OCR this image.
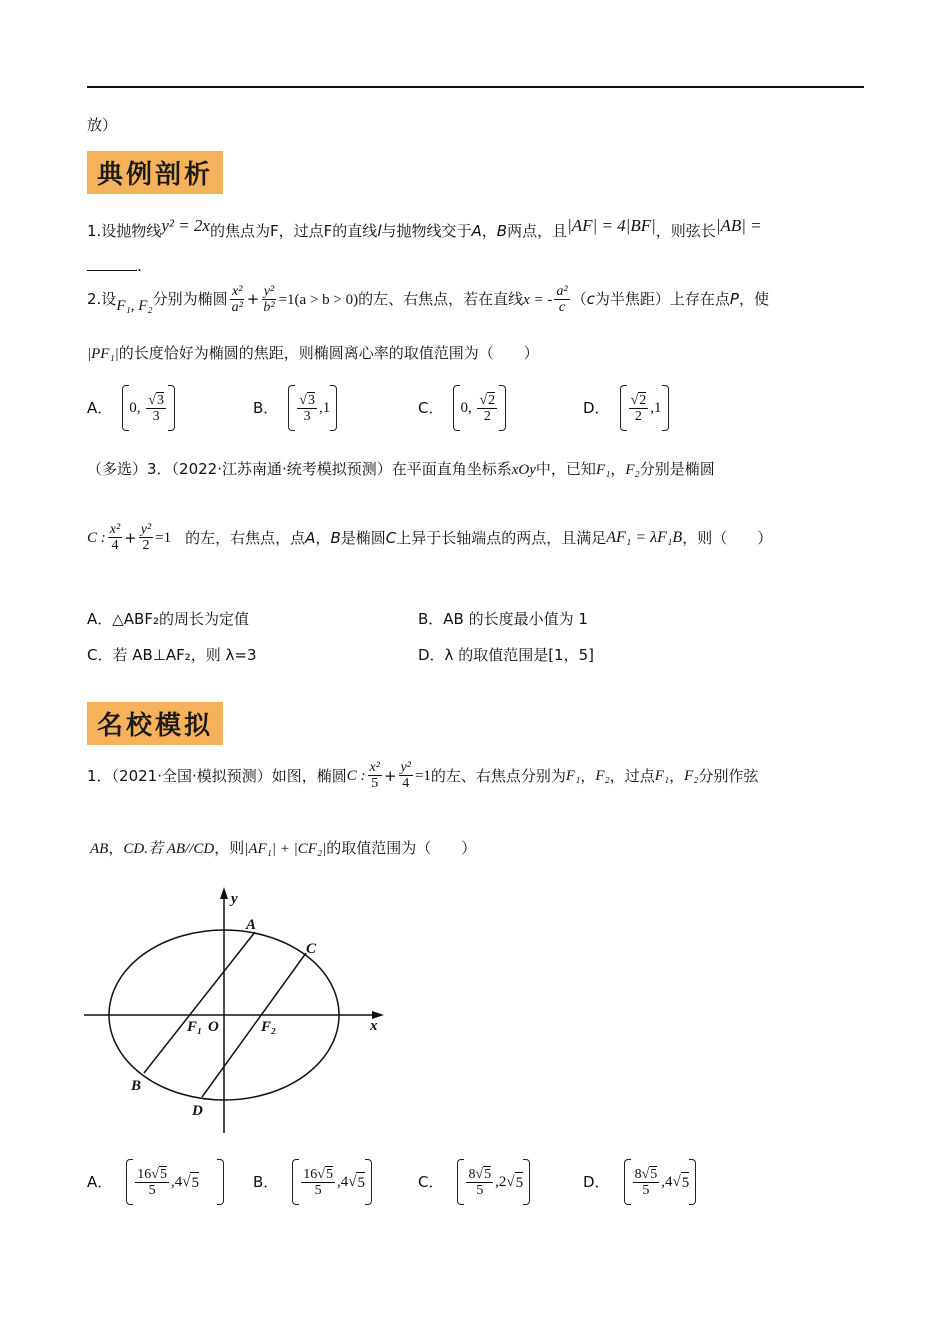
放）
典例剖析
1.设抛物线y² = 2x的焦点为F，过点F的直线l与抛物线交于A，B两点，且|AF| = 4|BF|，则弦长|AB| =
.
2.设F₁, F₂分别为椭圆 $\frac{\text{x²}}{\text{a²}} + \frac{\text{y²}}{\text{b²}} =1(a > b > 0)$的左、右焦点，若在直线x = - $\frac{\text{a²}}{c} (c$为半焦距）上存在点P，使
|PF₁|的长度恰好为椭圆的焦距，则椭圆离心率的取值范围为（　　）
A．	0, $\frac{√3}{3}$	B． $\frac{√3}{3} ,1$	C．	0, $\frac{√2}{2}$	D． $\frac{√2}{2} ,1$
（多选）3．（2022·江苏南通·统考模拟预测）在平面直角坐标系xOy中，已知F₁，F₂分别是椭圆
C : $\frac{\text{x²}}{4} + \frac{\text{y²}}{2} =1$ 的左，右焦点，点 A ， B 是椭圆 C 上异于长轴端点的两点，且满足 AF₁ = λF₁B ，则（　　）
A．△ABF₂的周长为定值	B．AB 的长度最小值为 1
C．若 AB⊥AF₂，则 λ=3	D．λ 的取值范围是[1，5]
名校模拟
1．（2021·全国·模拟预测）如图，椭圆 C : $\frac{\text{x²}}{5} + \frac{\text{y²}}{4} =1$ 的左、右焦点分别为 F₁ ， F₂ ，过点 F₁ ， F₂ 分别作弦
AB，CD.若 AB//CD，则|AF₁| + |CF₂|的取值范围为（　　）
y
x
A
B
C
D
F₁ O	F₂
A． $\frac{16√5}{5} ,4√$ 5	B． $\frac{16√5}{5} ,4√$ 5	C． $\frac{8√5}{5} ,2√$ 5	D． $\frac{8√5}{5} ,4√$ 5
